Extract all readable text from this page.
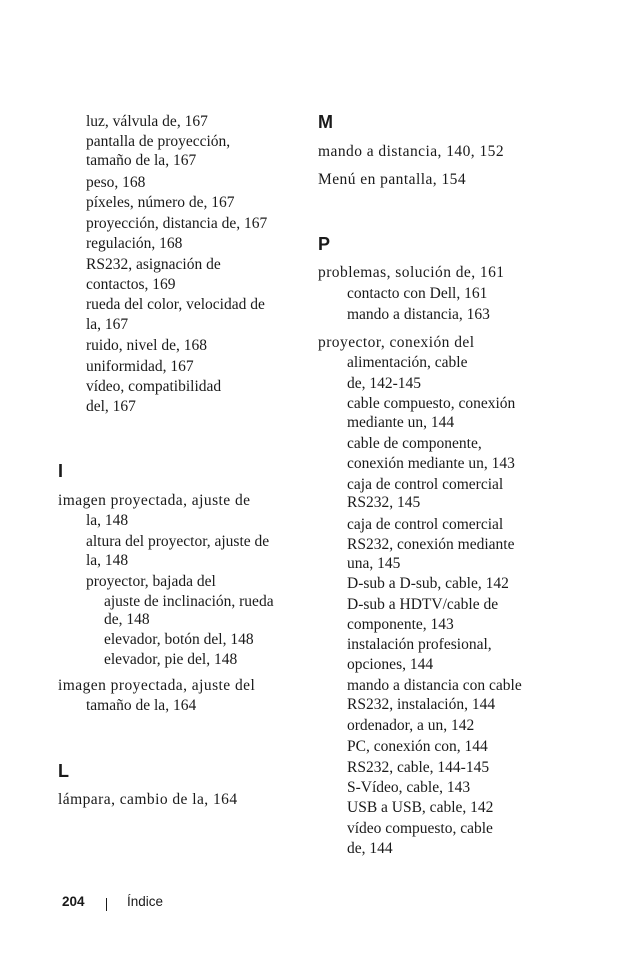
luz, válvula de, 167
pantalla de proyección,
tamaño de la, 167
peso, 168
píxeles, número de, 167
proyección, distancia de, 167
regulación, 168
RS232, asignación de
contactos, 169
rueda del color, velocidad de
la, 167
ruido, nivel de, 168
uniformidad, 167
vídeo, compatibilidad
del, 167
I
imagen proyectada, ajuste de
la, 148
altura del proyector, ajuste de
la, 148
proyector, bajada del
ajuste de inclinación, rueda
de, 148
elevador, botón del, 148
elevador, pie del, 148
imagen proyectada, ajuste del
tamaño de la, 164
L
lámpara, cambio de la, 164
M
mando a distancia, 140, 152
Menú en pantalla, 154
P
problemas, solución de, 161
contacto con Dell, 161
mando a distancia, 163
proyector, conexión del
alimentación, cable
de, 142-145
cable compuesto, conexión
mediante un, 144
cable de componente,
conexión mediante un, 143
caja de control comercial
RS232, 145
caja de control comercial
RS232, conexión mediante
una, 145
D-sub a D-sub, cable, 142
D-sub a HDTV/cable de
componente, 143
instalación profesional,
opciones, 144
mando a distancia con cable
RS232, instalación, 144
ordenador, a un, 142
PC, conexión con, 144
RS232, cable, 144-145
S-Vídeo, cable, 143
USB a USB, cable, 142
vídeo compuesto, cable
de, 144
204	Índice
